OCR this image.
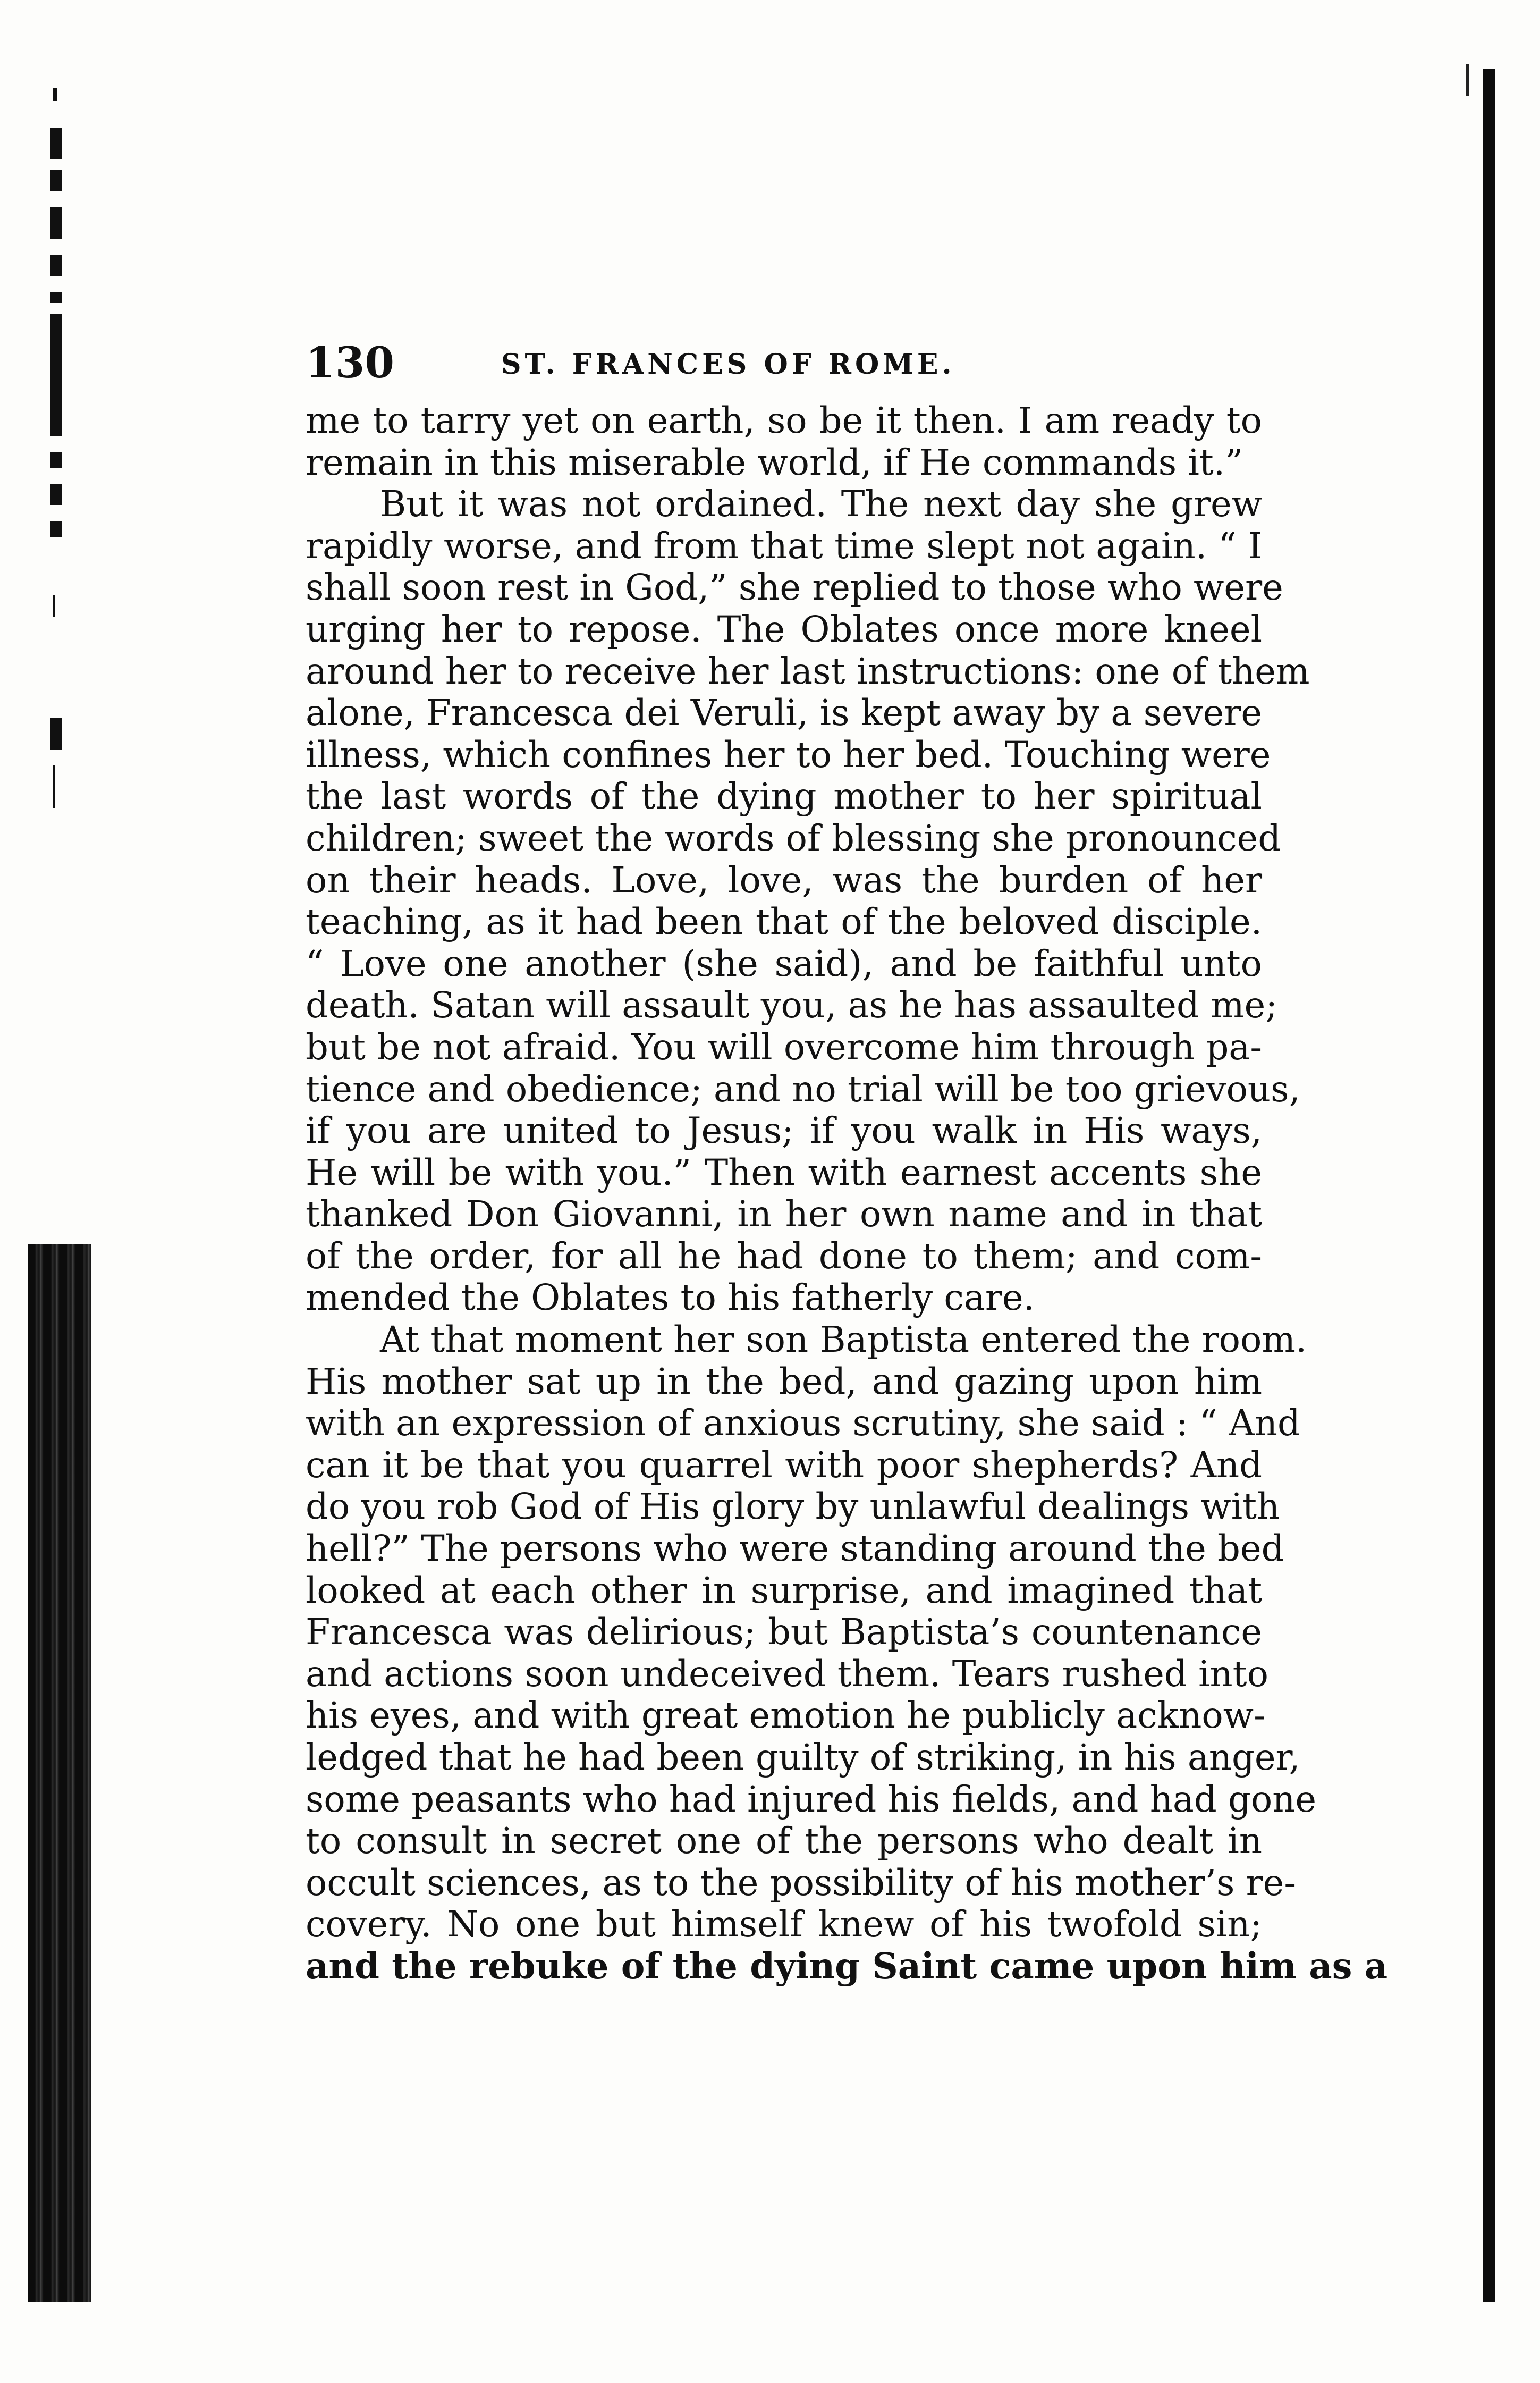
130	ST. FRANCES OF ROME.
me to tarry yet on earth, so be it then. I am ready to
remain in this miserable world, if He commands it.”
But it was not ordained. The next day she grew
rapidly worse, and from that time slept not again. “ I
shall soon rest in God,” she replied to those who were
urging her to repose. The Oblates once more kneel
around her to receive her last instructions: one of them
alone, Francesca dei Veruli, is kept away by a severe
illness, which confines her to her bed. Touching were
the last words of the dying mother to her spiritual
children; sweet the words of blessing she pronounced
on their heads. Love, love, was the burden of her
teaching, as it had been that of the beloved disciple.
“ Love one another (she said), and be faithful unto
death. Satan will assault you, as he has assaulted me;
but be not afraid. You will overcome him through pa-
tience and obedience; and no trial will be too grievous,
if you are united to Jesus; if you walk in His ways,
He will be with you.” Then with earnest accents she
thanked Don Giovanni, in her own name and in that
of the order, for all he had done to them; and com-
mended the Oblates to his fatherly care.
At that moment her son Baptista entered the room.
His mother sat up in the bed, and gazing upon him
with an expression of anxious scrutiny, she said : “ And
can it be that you quarrel with poor shepherds? And
do you rob God of His glory by unlawful dealings with
hell?” The persons who were standing around the bed
looked at each other in surprise, and imagined that
Francesca was delirious; but Baptista’s countenance
and actions soon undeceived them. Tears rushed into
his eyes, and with great emotion he publicly acknow-
ledged that he had been guilty of striking, in his anger,
some peasants who had injured his fields, and had gone
to consult in secret one of the persons who dealt in
occult sciences, as to the possibility of his mother’s re-
covery. No one but himself knew of his twofold sin;
and the rebuke of the dying Saint came upon him as a
